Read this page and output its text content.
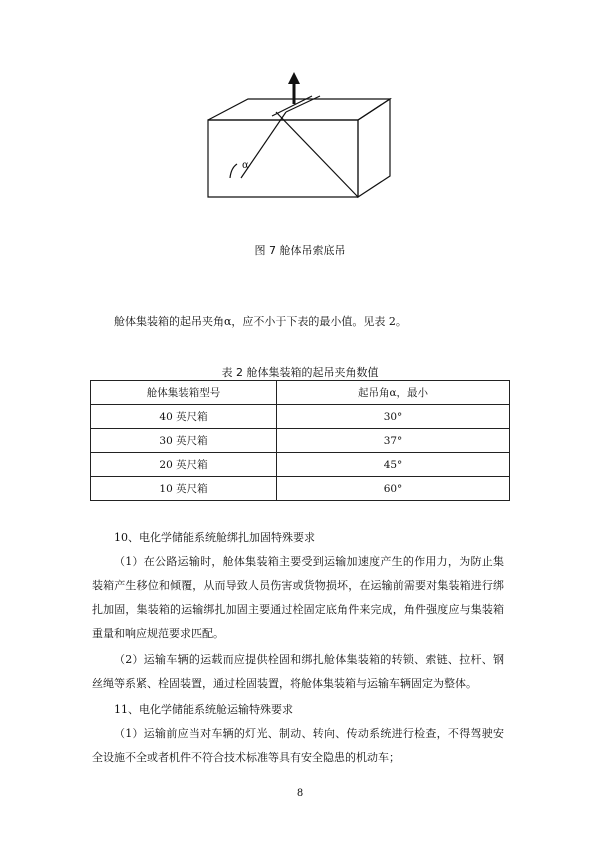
α
图 7 舱体吊索底吊

舱体集装箱的起吊夹角α，应不小于下表的最小值。见表 2。

表 2 舱体集装箱的起吊夹角数值
舱体集装箱型号	起吊角α，最小
40 英尺箱	30°
30 英尺箱	37°
20 英尺箱	45°
10 英尺箱	60°

10、电化学储能系统舱绑扎加固特殊要求

（1）在公路运输时，舱体集装箱主要受到运输加速度产生的作用力，为防止集装箱产生移位和倾覆，从而导致人员伤害或货物损坏，在运输前需要对集装箱进行绑扎加固，集装箱的运输绑扎加固主要通过栓固定底角件来完成，角件强度应与集装箱重量和响应规范要求匹配。

（2）运输车辆的运载而应提供栓固和绑扎舱体集装箱的转锁、索链、拉杆、钢丝绳等系紧、栓固装置，通过栓固装置，将舱体集装箱与运输车辆固定为整体。

11、电化学储能系统舱运输特殊要求

（1）运输前应当对车辆的灯光、制动、转向、传动系统进行检查，不得驾驶安全设施不全或者机件不符合技术标准等具有安全隐患的机动车；

8
